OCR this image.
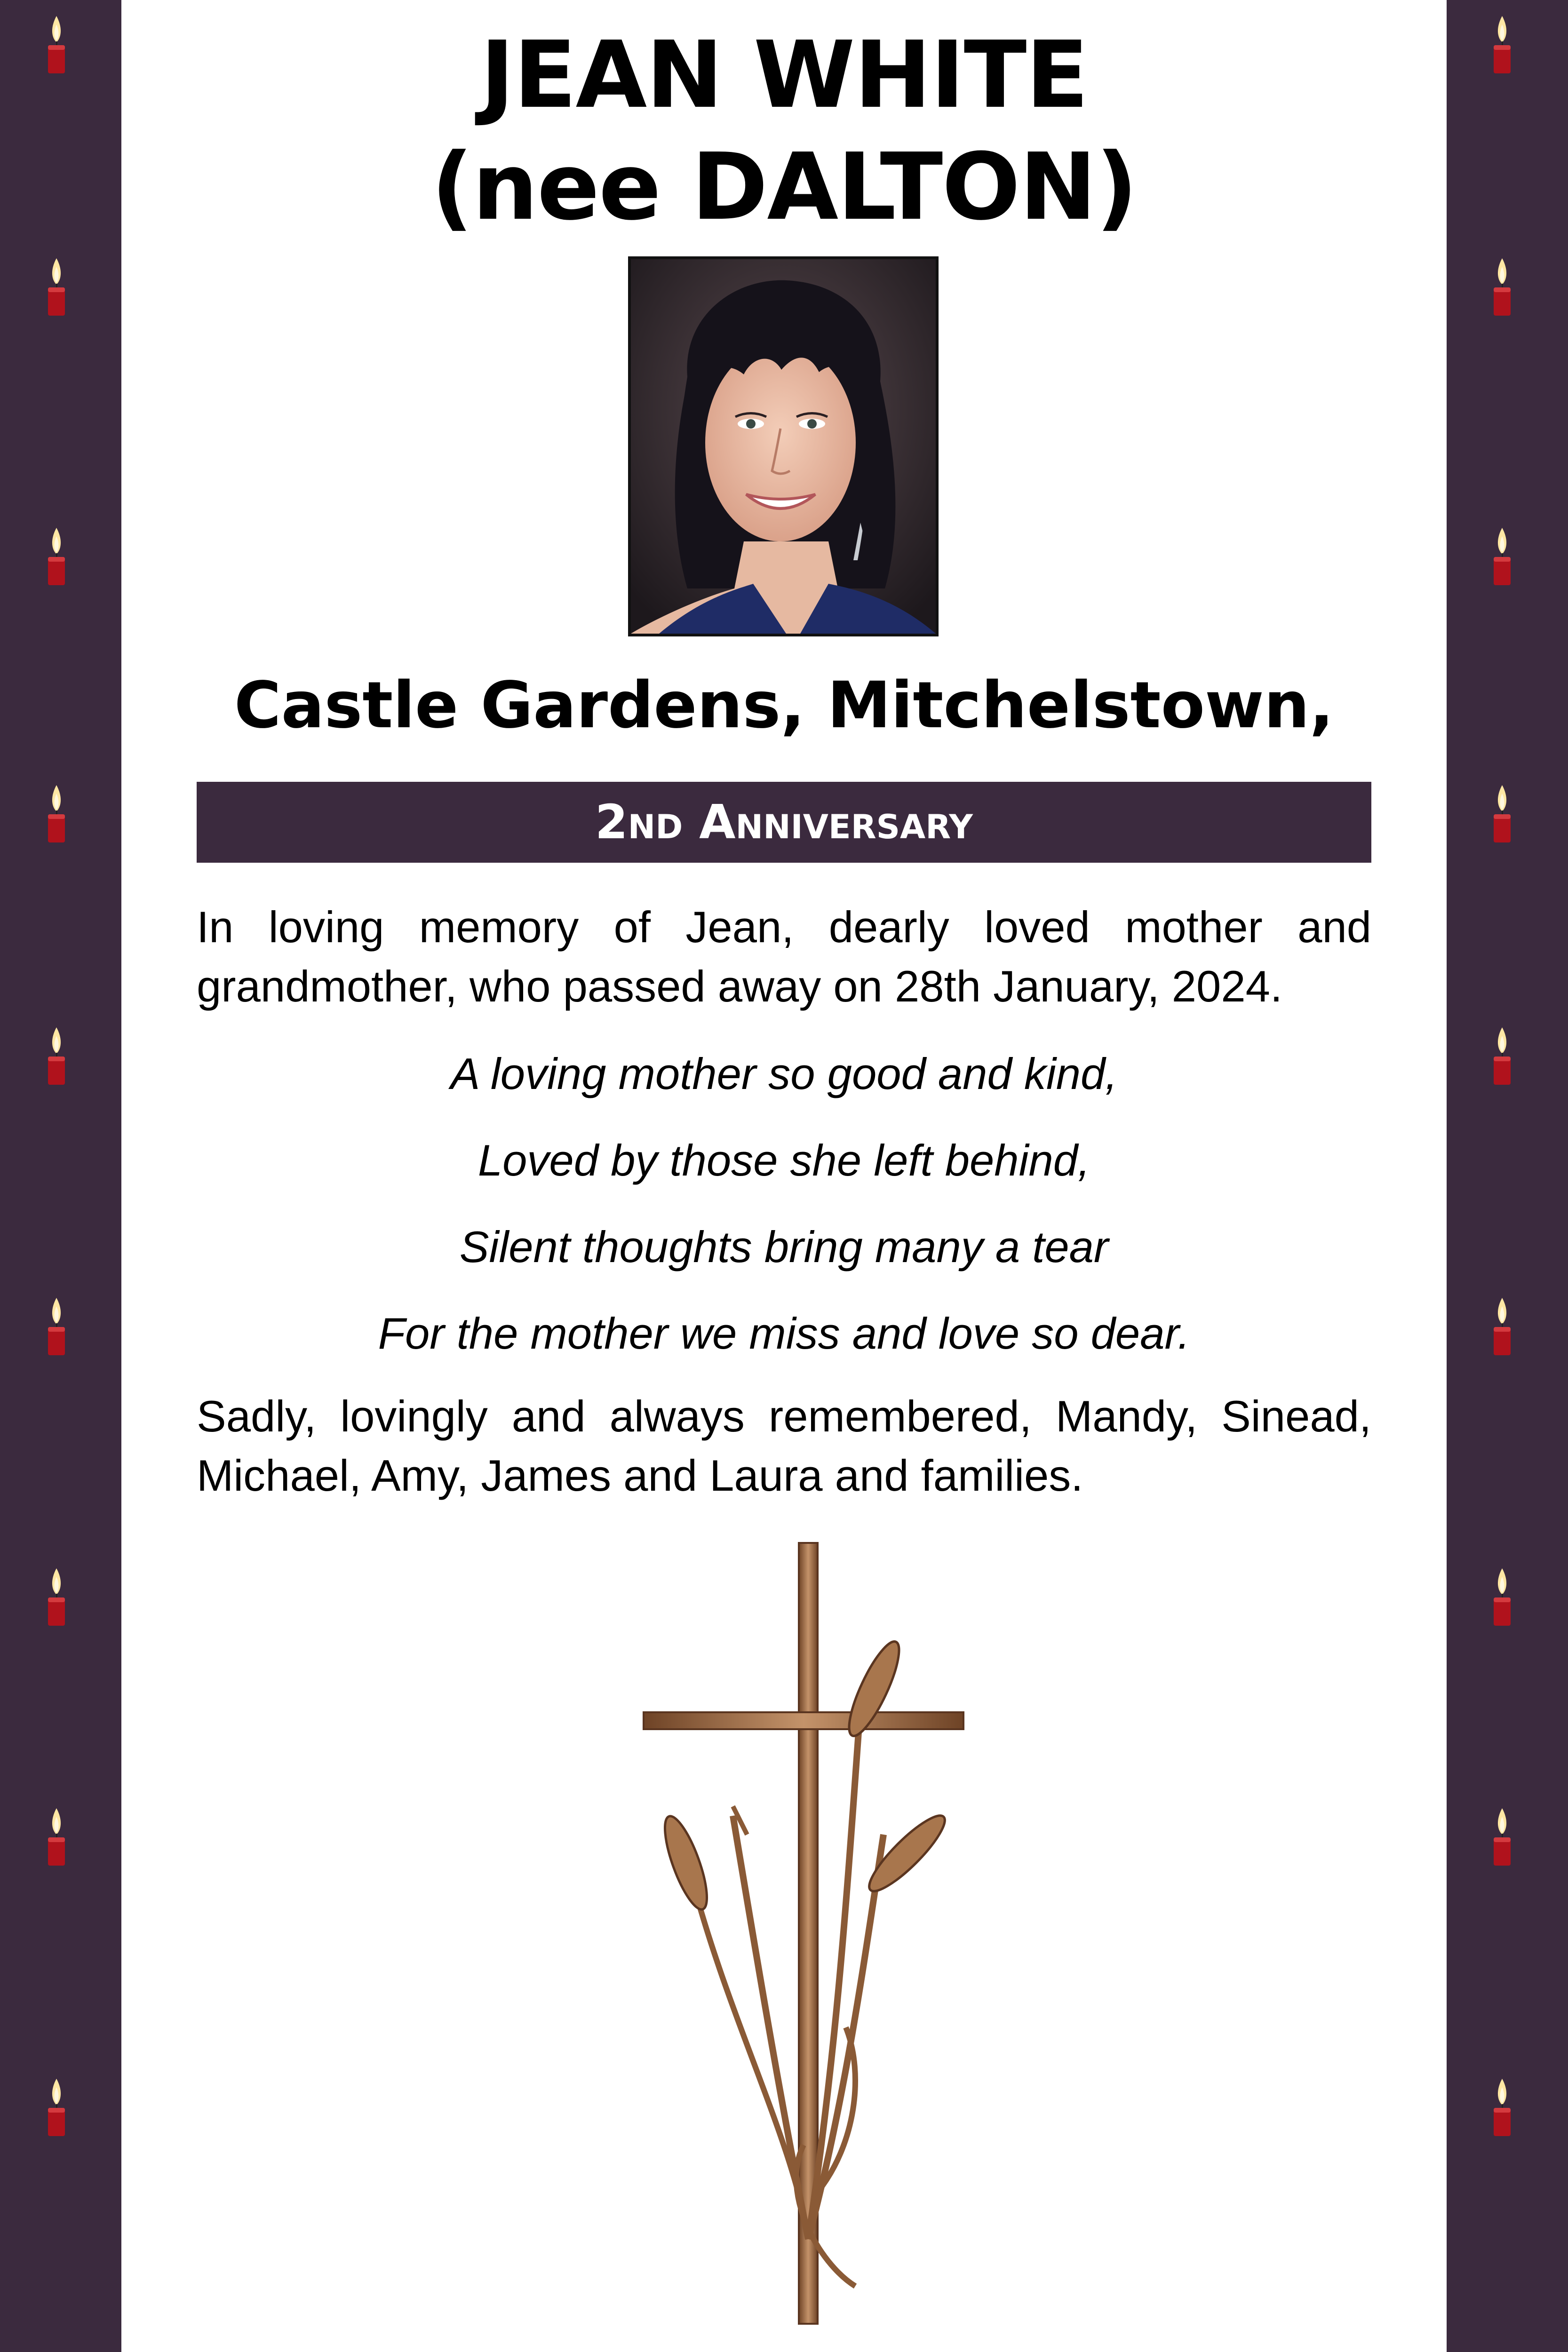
JEAN WHITE
(nee DALTON)
Castle Gardens, Mitchelstown,
2nd Anniversary
In loving memory of Jean, dearly loved mother and grandmother, who passed away on 28th January, 2024.
A loving mother so good and kind,
Loved by those she left behind,
Silent thoughts bring many a tear
For the mother we miss and love so dear.
Sadly, lovingly and always remembered, Mandy, Sinead, Michael, Amy, James and Laura and families.
